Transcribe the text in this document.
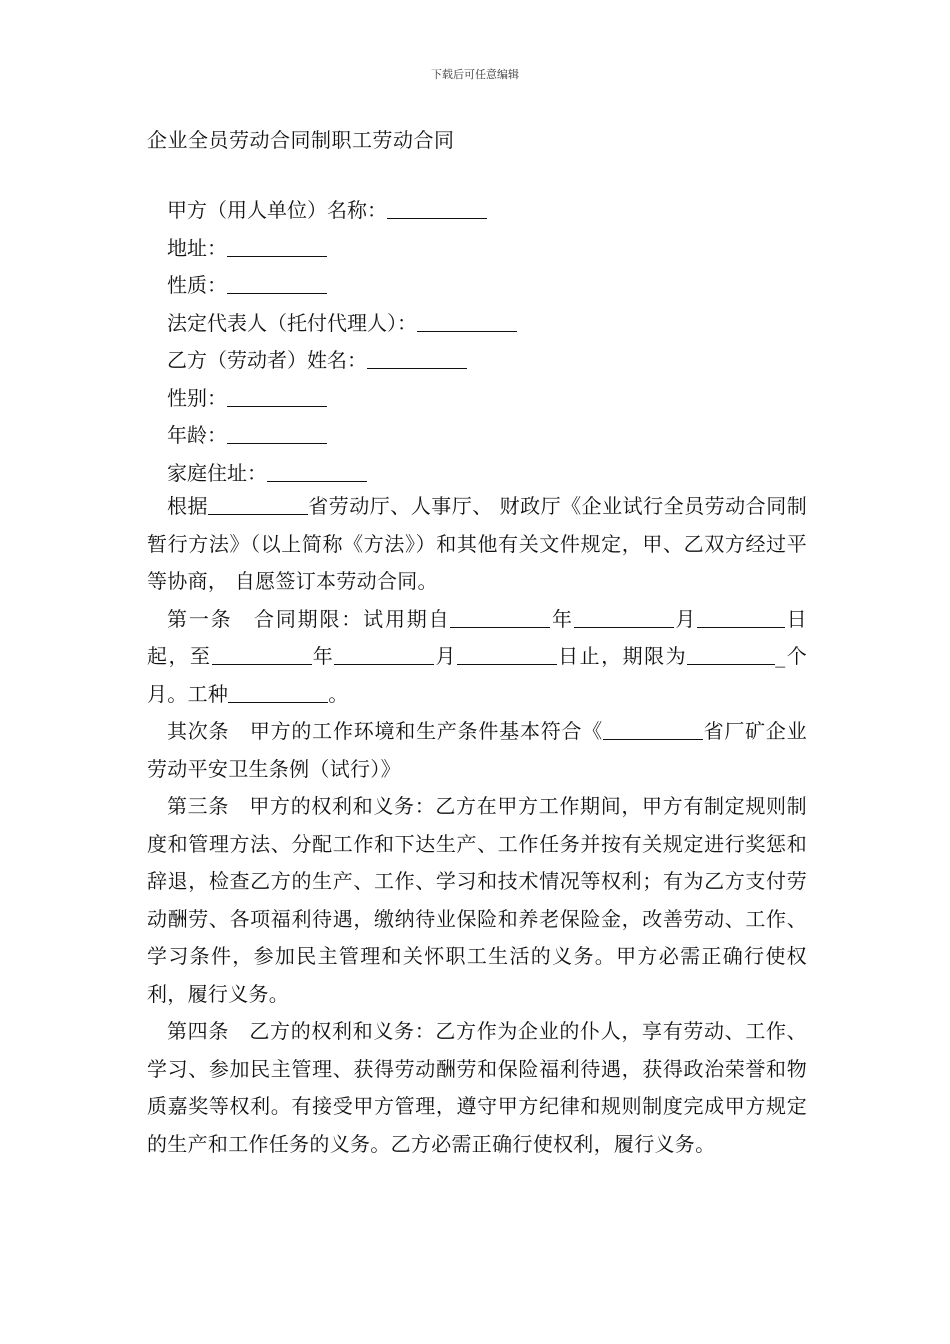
下载后可任意编辑
企业全员劳动合同制职工劳动合同
甲方（用人单位）名称：
地址：
性质：
法定代表人（托付代理人）：
乙方（劳动者）姓名：
性别：
年龄：
家庭住址：

根据	省劳动厅、人事厅、 财政厅《企业试行全员劳动合同制暂行方法》（以上简称《方法》）和其他有关文件规定，甲、乙双方经过平等协商， 自愿签订本劳动合同。

第一条 合同期限：试用期自	年	月	日起，至	年	月	日止，期限为	_个月。工种	。

其次条 甲方的工作环境和生产条件基本符合《	省厂矿企业劳动平安卫生条例（试行）》

第三条 甲方的权利和义务：乙方在甲方工作期间，甲方有制定规则制度和管理方法、分配工作和下达生产、工作任务并按有关规定进行奖惩和辞退，检查乙方的生产、工作、学习和技术情况等权利；有为乙方支付劳动酬劳、各项福利待遇，缴纳待业保险和养老保险金，改善劳动、工作、学习条件，参加民主管理和关怀职工生活的义务。甲方必需正确行使权利，履行义务。

第四条 乙方的权利和义务：乙方作为企业的仆人，享有劳动、工作、学习、参加民主管理、获得劳动酬劳和保险福利待遇，获得政治荣誉和物质嘉奖等权利。有接受甲方管理，遵守甲方纪律和规则制度完成甲方规定的生产和工作任务的义务。乙方必需正确行使权利，履行义务。
